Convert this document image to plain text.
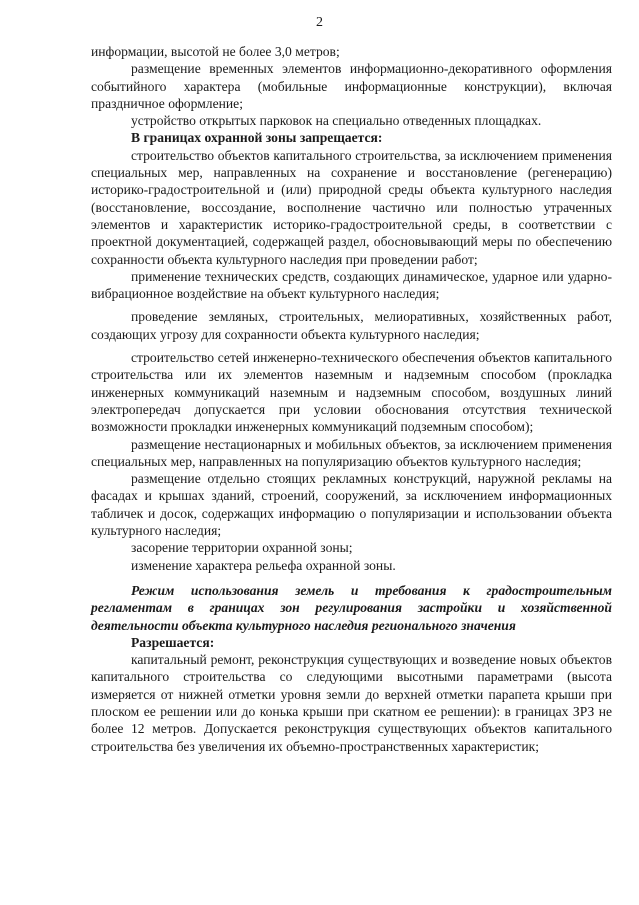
2

информации, высотой не более 3,0 метров;

размещение временных элементов информационно-декоративного оформления событийного характера (мобильные информационные конструкции), включая праздничное оформление;

устройство открытых парковок на специально отведенных площадках.

В границах охранной зоны запрещается:

строительство объектов капитального строительства, за исключением применения специальных мер, направленных на сохранение и восстановление (регенерацию) историко-градостроительной и (или) природной среды объекта культурного наследия (восстановление, воссоздание, восполнение частично или полностью утраченных элементов и характеристик историко-градостроительной среды, в соответствии с проектной документацией, содержащей раздел, обосновывающий меры по обеспечению сохранности объекта культурного наследия при проведении работ;

применение технических средств, создающих динамическое, ударное или ударно-вибрационное воздействие на объект культурного наследия;

проведение земляных, строительных, мелиоративных, хозяйственных работ, создающих угрозу для сохранности объекта культурного наследия;

строительство сетей инженерно-технического обеспечения объектов капитального строительства или их элементов наземным и надземным способом (прокладка инженерных коммуникаций наземным и надземным способом, воздушных линий электропередач допускается при условии обоснования отсутствия технической возможности прокладки инженерных коммуникаций подземным способом);

размещение нестационарных и мобильных объектов, за исключением применения специальных мер, направленных на популяризацию объектов культурного наследия;

размещение отдельно стоящих рекламных конструкций, наружной рекламы на фасадах и крышах зданий, строений, сооружений, за исключением информационных табличек и досок, содержащих информацию о популяризации и использовании объекта культурного наследия;

засорение территории охранной зоны;

изменение характера рельефа охранной зоны.

Режим использования земель и требования к градостроительным регламентам в границах зон регулирования застройки и хозяйственной деятельности объекта культурного наследия регионального значения

Разрешается:

капитальный ремонт, реконструкция существующих и возведение новых объектов капитального строительства со следующими высотными параметрами (высота измеряется от нижней отметки уровня земли до верхней отметки парапета крыши при плоском ее решении или до конька крыши при скатном ее решении): в границах ЗРЗ не более 12 метров. Допускается реконструкция существующих объектов капитального строительства без увеличения их объемно-пространственных характеристик;
